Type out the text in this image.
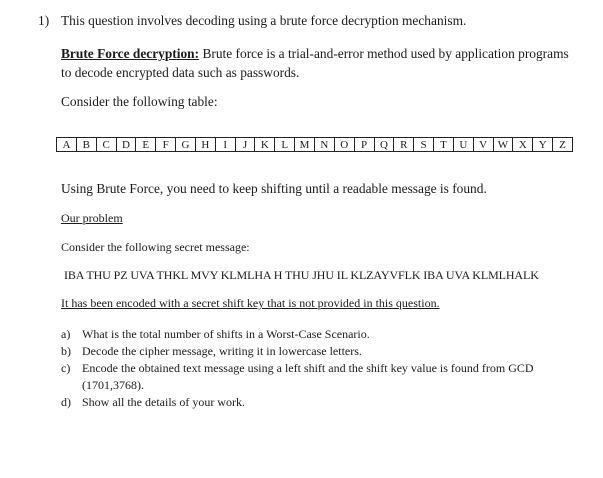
1) This question involves decoding using a brute force decryption mechanism.
Brute Force decryption: Brute force is a trial-and-error method used by application programs to decode encrypted data such as passwords.
Consider the following table:
A	B	C	D	E	F	G	H	I	J	K	L	M	N	O	P	Q	R	S	T	U	V	W	X	Y	Z
Using Brute Force, you need to keep shifting until a readable message is found.
Our problem
Consider the following secret message:
IBA THU PZ UVA THKL MVY KLMLHA H THU JHU IL KLZAYVFLK IBA UVA KLMLHALK
It has been encoded with a secret shift key that is not provided in this question.
a) What is the total number of shifts in a Worst-Case Scenario.
b) Decode the cipher message, writing it in lowercase letters.
c) Encode the obtained text message using a left shift and the shift key value is found from GCD (1701,3768).
d) Show all the details of your work.
